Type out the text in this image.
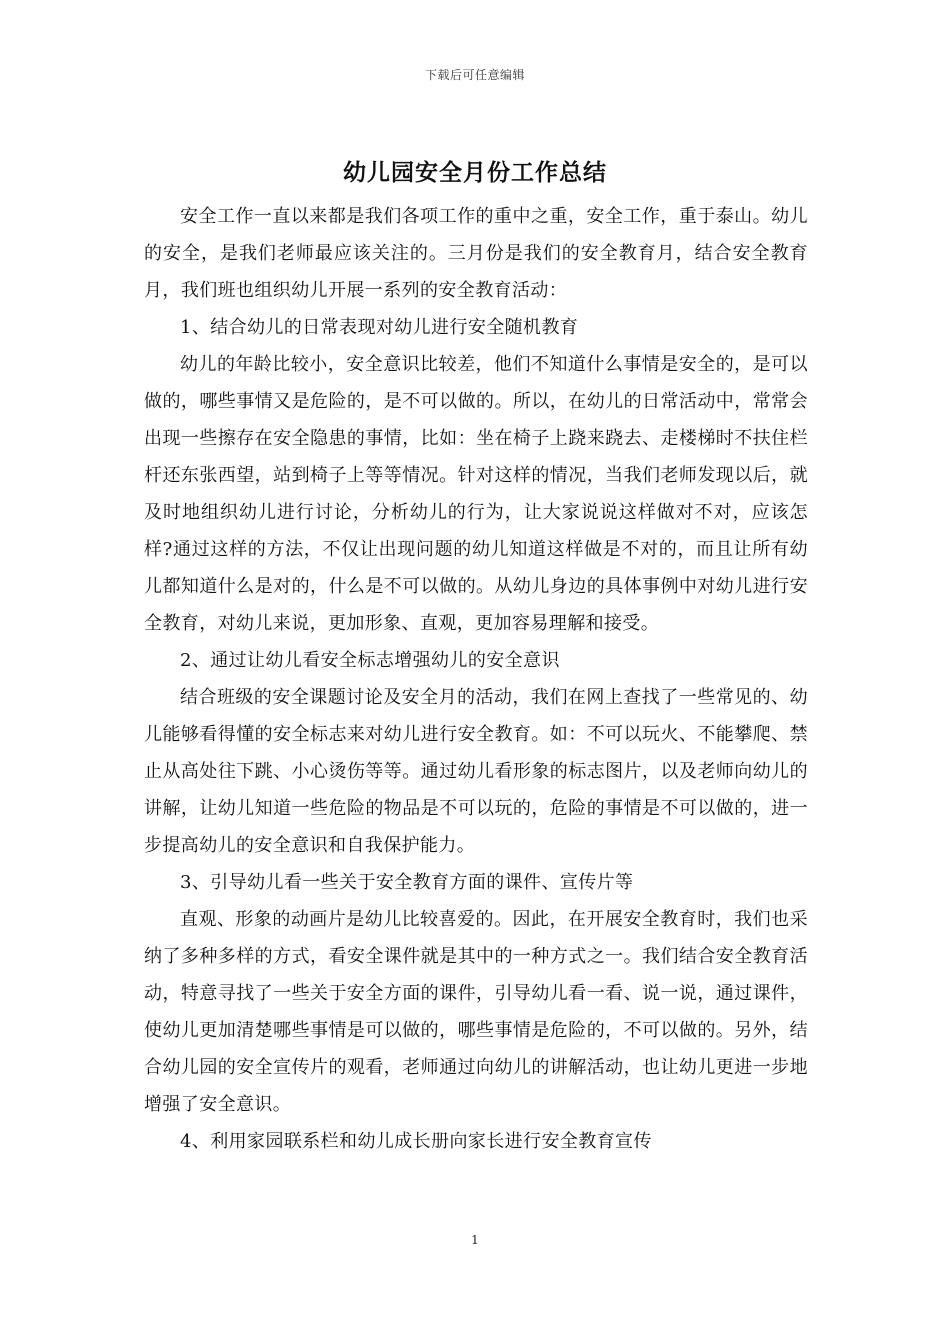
下载后可任意编辑
幼儿园安全月份工作总结

安全工作一直以来都是我们各项工作的重中之重，安全工作，重于泰山。幼儿的安全，是我们老师最应该关注的。三月份是我们的安全教育月，结合安全教育月，我们班也组织幼儿开展一系列的安全教育活动：

1、结合幼儿的日常表现对幼儿进行安全随机教育

幼儿的年龄比较小，安全意识比较差，他们不知道什么事情是安全的，是可以做的，哪些事情又是危险的，是不可以做的。所以，在幼儿的日常活动中，常常会出现一些擦存在安全隐患的事情，比如：坐在椅子上跷来跷去、走楼梯时不扶住栏杆还东张西望，站到椅子上等等情况。针对这样的情况，当我们老师发现以后，就及时地组织幼儿进行讨论，分析幼儿的行为，让大家说说这样做对不对，应该怎样?通过这样的方法，不仅让出现问题的幼儿知道这样做是不对的，而且让所有幼儿都知道什么是对的，什么是不可以做的。从幼儿身边的具体事例中对幼儿进行安全教育，对幼儿来说，更加形象、直观，更加容易理解和接受。

2、通过让幼儿看安全标志增强幼儿的安全意识

结合班级的安全课题讨论及安全月的活动，我们在网上查找了一些常见的、幼儿能够看得懂的安全标志来对幼儿进行安全教育。如：不可以玩火、不能攀爬、禁止从高处往下跳、小心烫伤等等。通过幼儿看形象的标志图片，以及老师向幼儿的讲解，让幼儿知道一些危险的物品是不可以玩的，危险的事情是不可以做的，进一步提高幼儿的安全意识和自我保护能力。

3、引导幼儿看一些关于安全教育方面的课件、宣传片等

直观、形象的动画片是幼儿比较喜爱的。因此，在开展安全教育时，我们也采纳了多种多样的方式，看安全课件就是其中的一种方式之一。我们结合安全教育活动，特意寻找了一些关于安全方面的课件，引导幼儿看一看、说一说，通过课件，使幼儿更加清楚哪些事情是可以做的，哪些事情是危险的，不可以做的。另外，结合幼儿园的安全宣传片的观看，老师通过向幼儿的讲解活动，也让幼儿更进一步地增强了安全意识。

4、利用家园联系栏和幼儿成长册向家长进行安全教育宣传

1
